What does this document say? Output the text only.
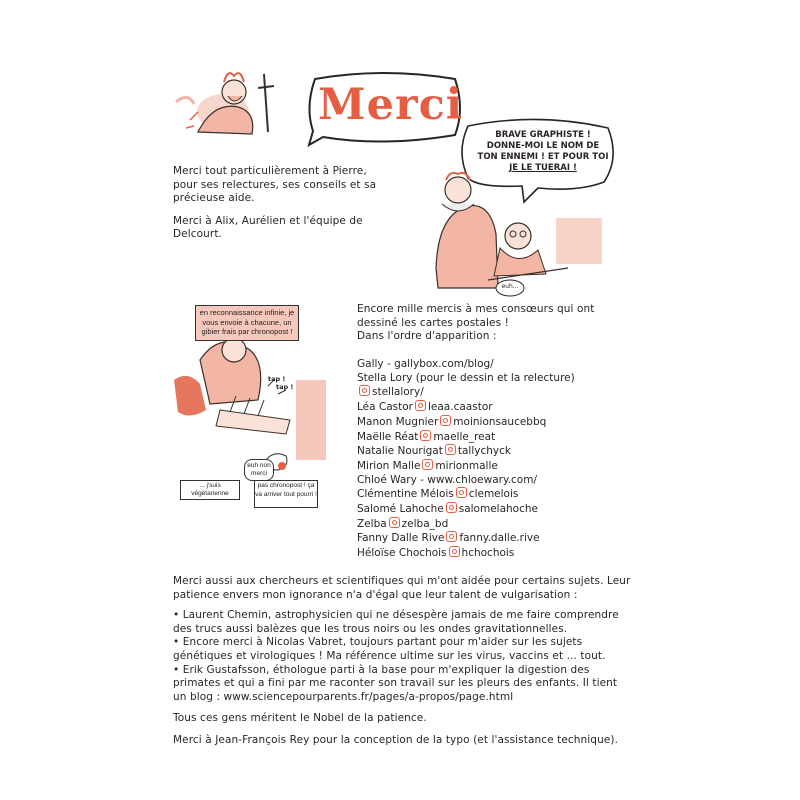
Merci

Merci tout particulièrement à Pierre, pour ses relectures, ses conseils et sa précieuse aide.

Merci à Alix, Aurélien et l'équipe de Delcourt.

BRAVE GRAPHISTE !
DONNE-MOI LE NOM DE
TON ENNEMI ! ET POUR TOI
JE LE TUERAI !
euh...
en reconnaissance infinie, je vous envoie à chacune, un gibier frais par chronopost !
tap !
tap !
euh non merci
... j'suis végétarienne
pas chronopost ! ça va arriver tout pourri !
Encore mille mercis à mes consœurs qui ont
dessiné les cartes postales !
Dans l'ordre d'apparition :
Gally - gallybox.com/blog/
Stella Lory (pour le dessin et la relecture)
stellalory/
Léa Castor leaa.caastor
Manon Mugnier moinionsaucebbq
Maëlle Réat maelle_reat
Natalie Nourigat tallychyck
Mirion Malle mirionmalle
Chloé Wary - www.chloewary.com/
Clémentine Mélois clemelois
Salomé Lahoche salomelahoche
Zelba zelba_bd
Fanny Dalle Rive fanny.dalle.rive
Héloïse Chochois hchochois

Merci aussi aux chercheurs et scientifiques qui m'ont aidée pour certains sujets. Leur patience envers mon ignorance n'a d'égal que leur talent de vulgarisation :

• Laurent Chemin, astrophysicien qui ne désespère jamais de me faire comprendre des trucs aussi balèzes que les trous noirs ou les ondes gravitationnelles.

• Encore merci à Nicolas Vabret, toujours partant pour m'aider sur les sujets génétiques et virologiques ! Ma référence ultime sur les virus, vaccins et ... tout.

• Erik Gustafsson, éthologue parti à la base pour m'expliquer la digestion des primates et qui a fini par me raconter son travail sur les pleurs des enfants. Il tient un blog : www.sciencepourparents.fr/pages/a-propos/page.html

Tous ces gens méritent le Nobel de la patience.

Merci à Jean-François Rey pour la conception de la typo (et l'assistance technique).
